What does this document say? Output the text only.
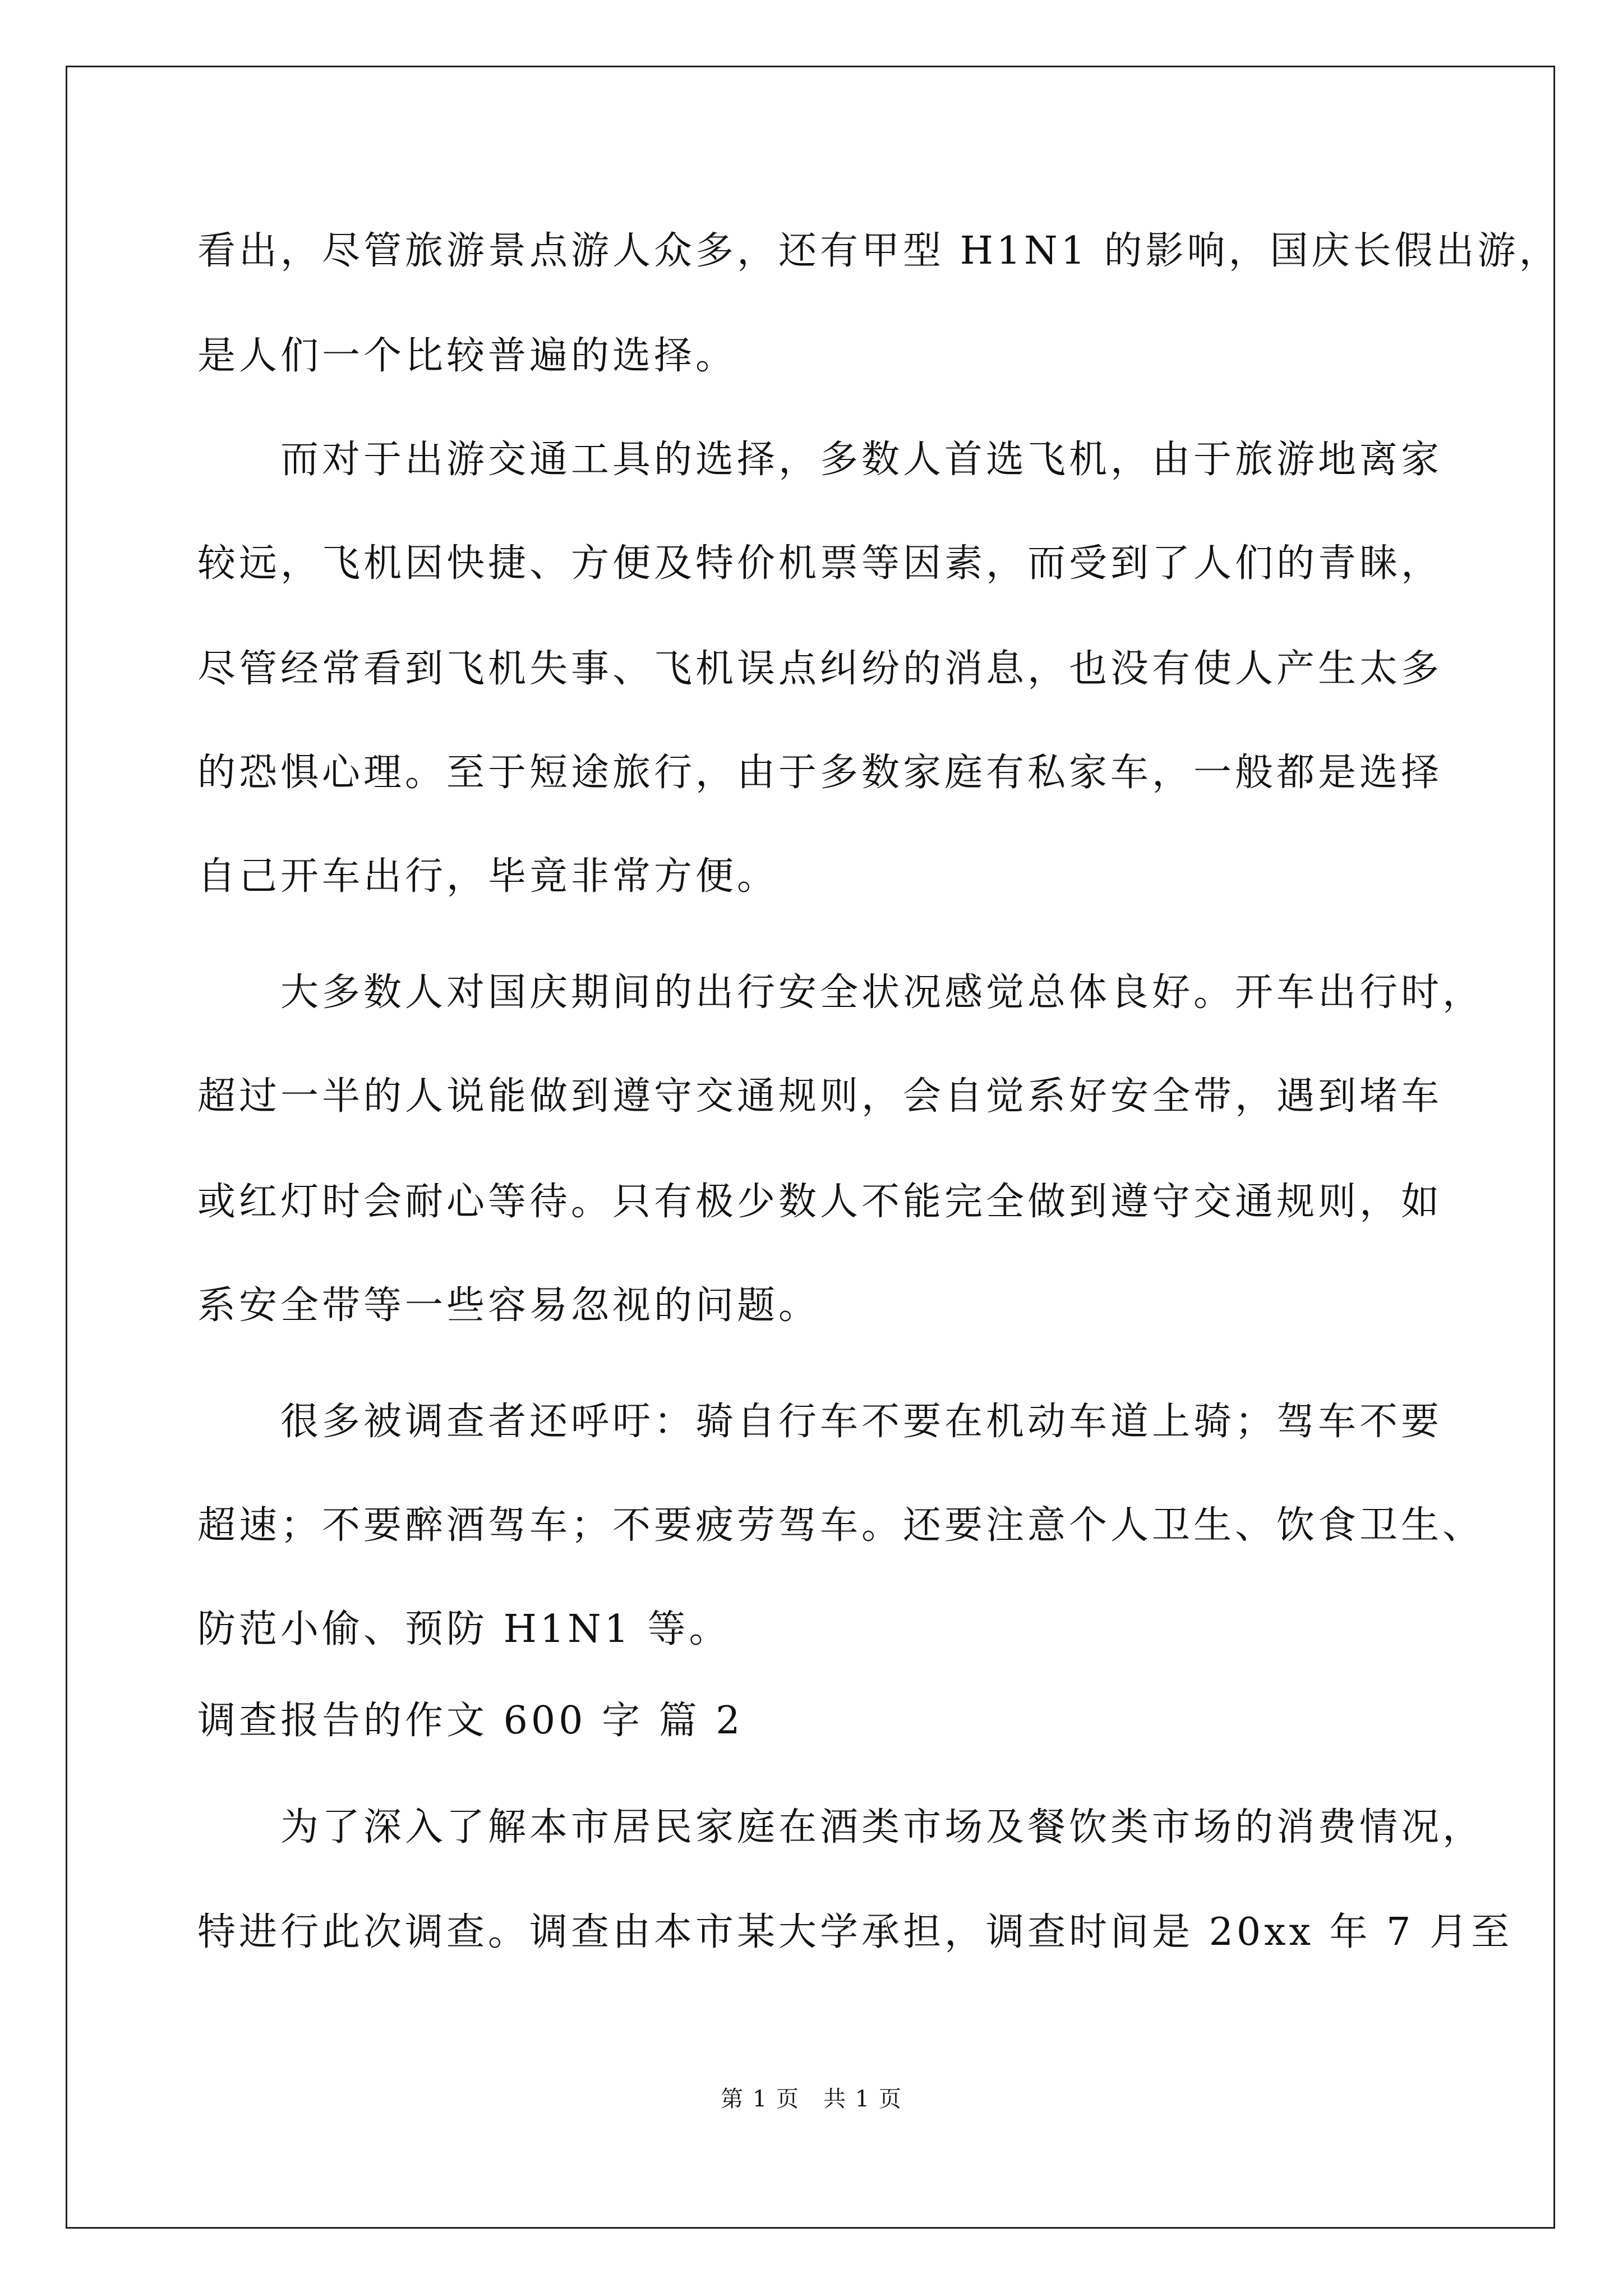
看出，尽管旅游景点游人众多，还有甲型 H1N1 的影响，国庆长假出游，
是人们一个比较普遍的选择。
而对于出游交通工具的选择，多数人首选飞机，由于旅游地离家
较远，飞机因快捷、方便及特价机票等因素，而受到了人们的青睐，
尽管经常看到飞机失事、飞机误点纠纷的消息，也没有使人产生太多
的恐惧心理。至于短途旅行，由于多数家庭有私家车，一般都是选择
自己开车出行，毕竟非常方便。
大多数人对国庆期间的出行安全状况感觉总体良好。开车出行时，
超过一半的人说能做到遵守交通规则，会自觉系好安全带，遇到堵车
或红灯时会耐心等待。只有极少数人不能完全做到遵守交通规则，如
系安全带等一些容易忽视的问题。
很多被调查者还呼吁：骑自行车不要在机动车道上骑；驾车不要
超速；不要醉酒驾车；不要疲劳驾车。还要注意个人卫生、饮食卫生、
防范小偷、预防 H1N1 等。
调查报告的作文 600 字 篇 2
为了深入了解本市居民家庭在酒类市场及餐饮类市场的消费情况，
特进行此次调查。调查由本市某大学承担，调查时间是 20xx 年 7 月至
第 1 页　共 1 页
